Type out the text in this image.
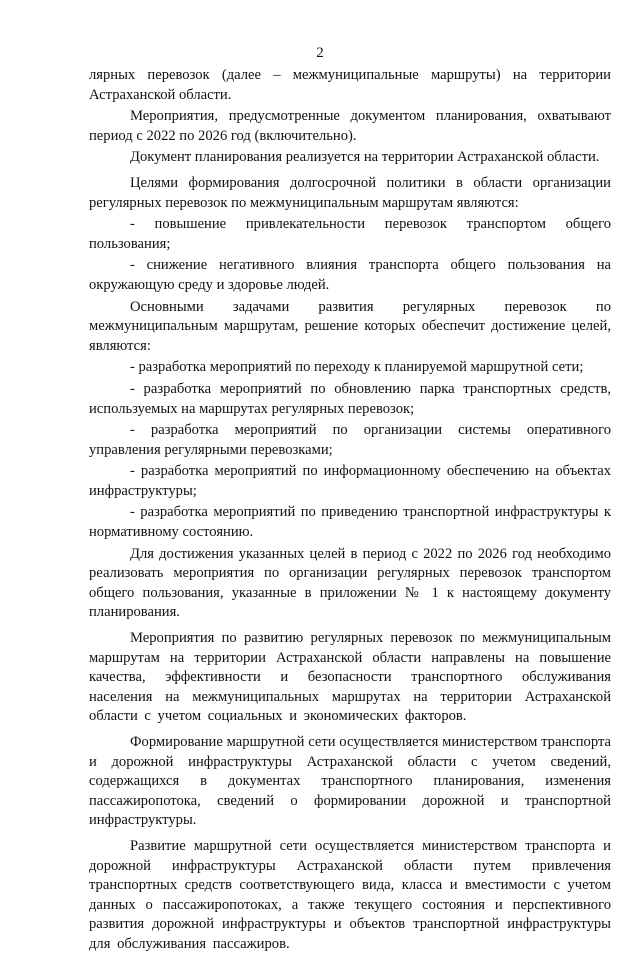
2

лярных перевозок (далее – межмуниципальные маршруты) на территории Астраханской области.

Мероприятия, предусмотренные документом планирования, охватывают период с 2022 по 2026 год (включительно).

Документ планирования реализуется на территории Астраханской области.

Целями формирования долгосрочной политики в области организации регулярных перевозок по межмуниципальным маршрутам являются:

- повышение привлекательности перевозок транспортом общего пользования;

- снижение негативного влияния транспорта общего пользования на окружающую среду и здоровье людей.

Основными задачами развития регулярных перевозок по межмуниципальным маршрутам, решение которых обеспечит достижение целей, являются:

- разработка мероприятий по переходу к планируемой маршрутной сети;

- разработка мероприятий по обновлению парка транспортных средств, используемых на маршрутах регулярных перевозок;

- разработка мероприятий по организации системы оперативного управления регулярными перевозками;

- разработка мероприятий по информационному обеспечению на объектах инфраструктуры;

- разработка мероприятий по приведению транспортной инфраструктуры к нормативному состоянию.

Для достижения указанных целей в период с 2022 по 2026 год необходимо реализовать мероприятия по организации регулярных перевозок транспортом общего пользования, указанные в приложении № 1 к настоящему документу планирования.

Мероприятия по развитию регулярных перевозок по межмуниципальным маршрутам на территории Астраханской области направлены на повышение качества, эффективности и безопасности транспортного обслуживания населения на межмуниципальных маршрутах на территории Астраханской области с учетом социальных и экономических факторов.

Формирование маршрутной сети осуществляется министерством транспорта и дорожной инфраструктуры Астраханской области с учетом сведений, содержащихся в документах транспортного планирования, изменения пассажиропотока, сведений о формировании дорожной и транспортной инфраструктуры.

Развитие маршрутной сети осуществляется министерством транспорта и дорожной инфраструктуры Астраханской области путем привлечения транспортных средств соответствующего вида, класса и вместимости с учетом данных о пассажиропотоках, а также текущего состояния и перспективного развития дорожной инфраструктуры и объектов транспортной инфраструктуры для обслуживания пассажиров.
